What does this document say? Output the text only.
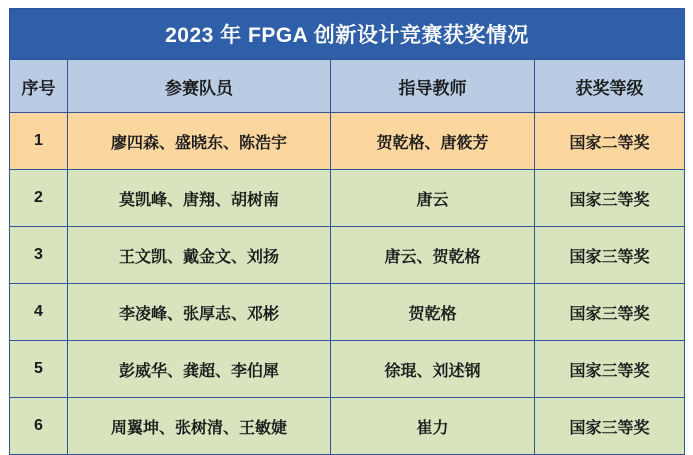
2023 年 FPGA 创新设计竞赛获奖情况			
序号	参赛队员	指导教师	获奖等级
1	廖四森、盛晓东、陈浩宇	贺乾格、唐筱芳	国家二等奖
2	莫凯峰、唐翔、胡树南	唐云	国家三等奖
3	王文凯、戴金文、刘扬	唐云、贺乾格	国家三等奖
4	李凌峰、张厚志、邓彬	贺乾格	国家三等奖
5	彭威华、龚超、李伯犀	徐琨、刘述钢	国家三等奖
6	周翼坤、张树清、王敏婕	崔力	国家三等奖
